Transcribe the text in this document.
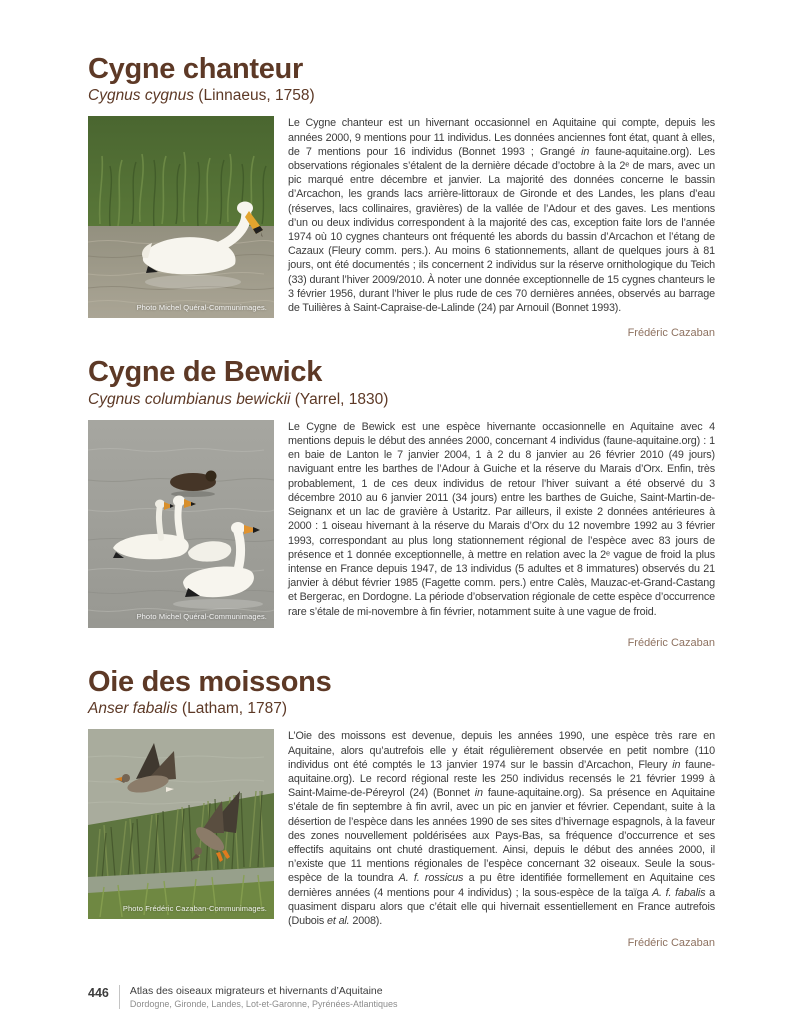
Cygne chanteur
Cygnus cygnus (Linnaeus, 1758)
Photo Michel Quéral-Communimages.

Le Cygne chanteur est un hivernant occasionnel en Aquitaine qui compte, depuis les années 2000, 9 mentions pour 11 individus. Les données anciennes font état, quant à elles, de 7 mentions pour 16 individus (Bonnet 1993 ; Grangé in faune-aquitaine.org). Les observations régionales s’étalent de la dernière décade d’octobre à la 2ᵉ de mars, avec un pic marqué entre décembre et janvier. La majorité des données concerne le bassin d’Arcachon, les grands lacs arrière-littoraux de Gironde et des Landes, les plans d’eau (réserves, lacs collinaires, gravières) de la vallée de l’Adour et des gaves. Les mentions d’un ou deux individus correspondent à la majorité des cas, exception faite lors de l’année 1974 où 10 cygnes chanteurs ont fréquenté les abords du bassin d’Arcachon et l’étang de Cazaux (Fleury comm. pers.). Au moins 6 stationnements, allant de quelques jours à 81 jours, ont été documentés ; ils concernent 2 individus sur la réserve ornithologique du Teich (33) durant l’hiver 2009/2010. À noter une donnée exceptionnelle de 15 cygnes chanteurs le 3 février 1956, durant l’hiver le plus rude de ces 70 dernières années, observés au barrage de Tuilières à Saint-Capraise-de-Lalinde (24) par Arnouil (Bonnet 1993).

Frédéric Cazaban
Cygne de Bewick
Cygnus columbianus bewickii (Yarrel, 1830)
Photo Michel Quéral-Communimages.

Le Cygne de Bewick est une espèce hivernante occasionnelle en Aquitaine avec 4 mentions depuis le début des années 2000, concernant 4 individus (faune-aquitaine.org) : 1 en baie de Lanton le 7 janvier 2004, 1 à 2 du 8 janvier au 26 février 2010 (49 jours) naviguant entre les barthes de l’Adour à Guiche et la réserve du Marais d’Orx. Enfin, très probablement, 1 de ces deux individus de retour l’hiver suivant a été observé du 3 décembre 2010 au 6 janvier 2011 (34 jours) entre les barthes de Guiche, Saint-Martin-de-Seignanx et un lac de gravière à Ustaritz. Par ailleurs, il existe 2 données antérieures à 2000 : 1 oiseau hivernant à la réserve du Marais d’Orx du 12 novembre 1992 au 3 février 1993, correspondant au plus long stationnement régional de l’espèce avec 83 jours de présence et 1 donnée exceptionnelle, à mettre en relation avec la 2ᵉ vague de froid la plus intense en France depuis 1947, de 13 individus (5 adultes et 8 immatures) observés du 21 janvier à début février 1985 (Fagette comm. pers.) entre Calès, Mauzac-et-Grand-Castang et Bergerac, en Dordogne. La période d’observation régionale de cette espèce d’occurrence rare s’étale de mi-novembre à fin février, notamment suite à une vague de froid.

Frédéric Cazaban
Oie des moissons
Anser fabalis (Latham, 1787)
Photo Frédéric Cazaban-Communimages.

L’Oie des moissons est devenue, depuis les années 1990, une espèce très rare en Aquitaine, alors qu’autrefois elle y était régulièrement observée en petit nombre (110 individus ont été comptés le 13 janvier 1974 sur le bassin d’Arcachon, Fleury in faune-aquitaine.org). Le record régional reste les 250 individus recensés le 21 février 1999 à Saint-Maime-de-Péreyrol (24) (Bonnet in faune-aquitaine.org). Sa présence en Aquitaine s’étale de fin septembre à fin avril, avec un pic en janvier et février. Cependant, suite à la désertion de l’espèce dans les années 1990 de ses sites d’hivernage espagnols, à la faveur des zones nouvellement poldérisées aux Pays-Bas, sa fréquence d’occurrence et ses effectifs aquitains ont chuté drastiquement. Ainsi, depuis le début des années 2000, il n’existe que 11 mentions régionales de l’espèce concernant 32 oiseaux. Seule la sous-espèce de la toundra A. f. rossicus a pu être identifiée formellement en Aquitaine ces dernières années (4 mentions pour 4 individus) ; la sous-espèce de la taïga A. f. fabalis a quasiment disparu alors que c’était elle qui hivernait essentiellement en France autrefois (Dubois et al. 2008).

Frédéric Cazaban
446 Atlas des oiseaux migrateurs et hivernants d’Aquitaine
Dordogne, Gironde, Landes, Lot-et-Garonne, Pyrénées-Atlantiques
